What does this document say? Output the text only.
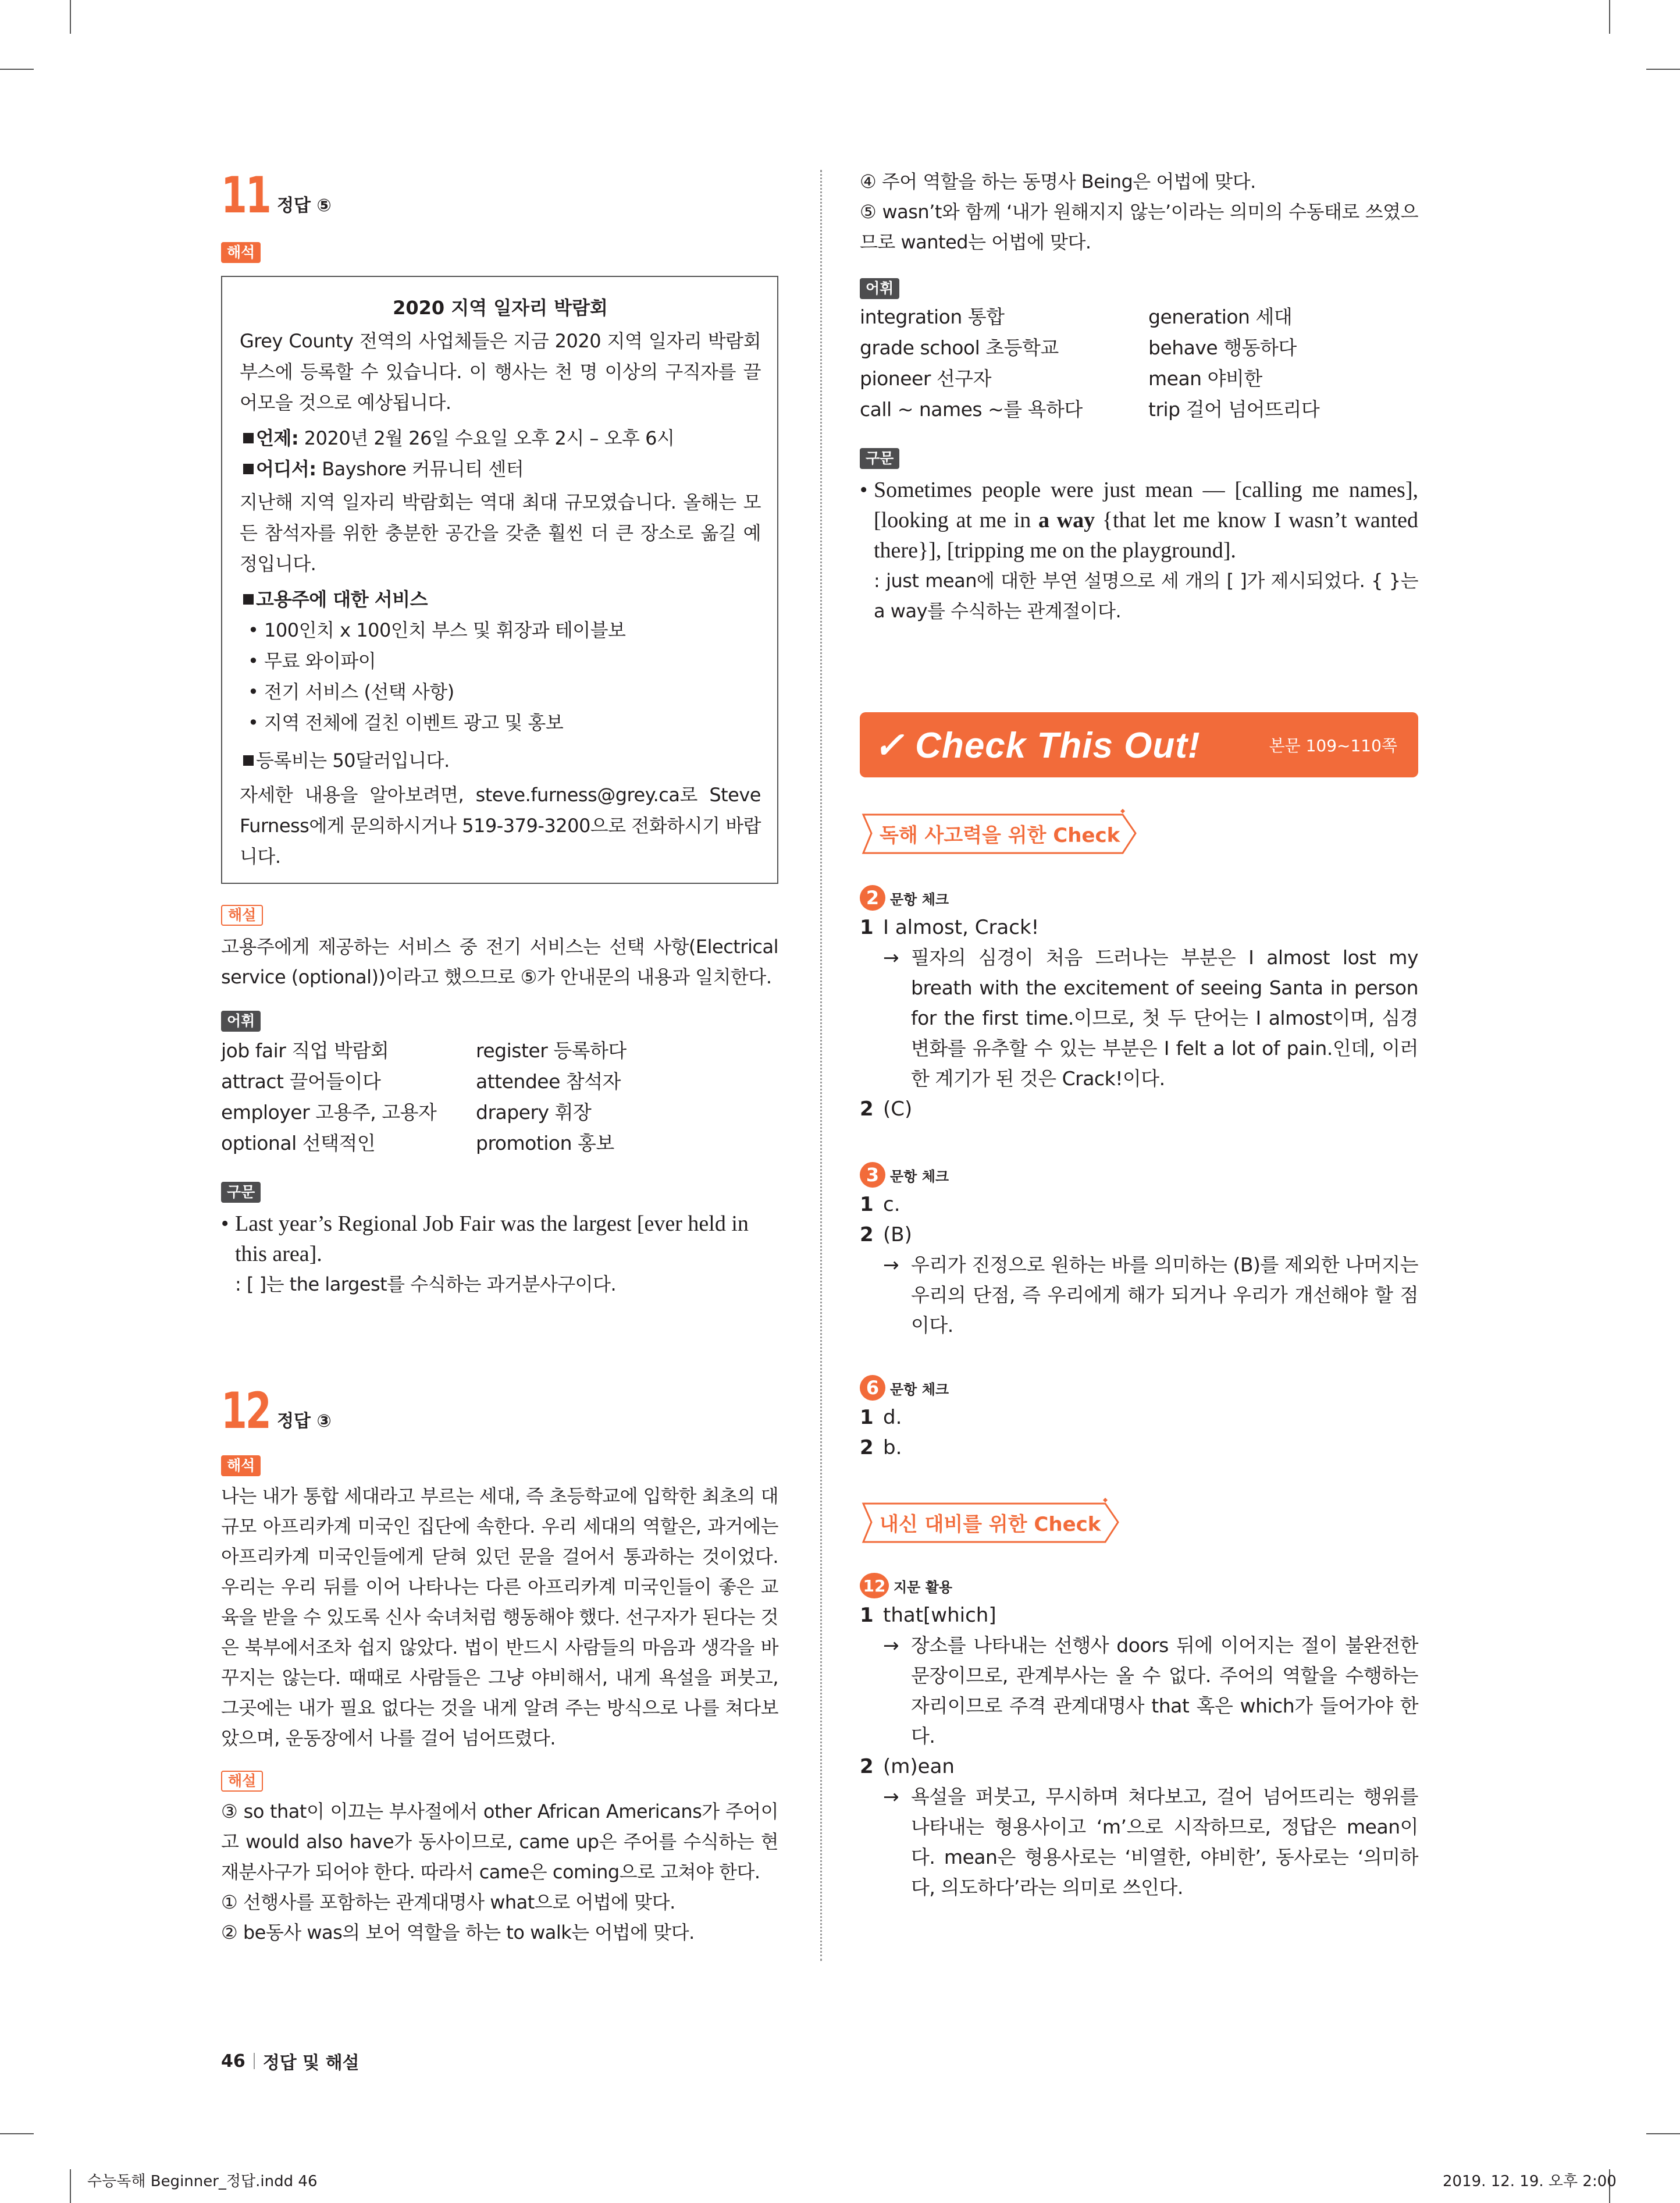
11 정답 ⑤
해석
2020 지역 일자리 박람회
Grey County 전역의 사업체들은 지금 2020 지역 일자리 박람회 부스에 등록할 수 있습니다. 이 행사는 천 명 이상의 구직자를 끌어모을 것으로 예상됩니다.
언제: 2020년 2월 26일 수요일 오후 2시 – 오후 6시
어디서: Bayshore 커뮤니티 센터
지난해 지역 일자리 박람회는 역대 최대 규모였습니다. 올해는 모든 참석자를 위한 충분한 공간을 갖춘 훨씬 더 큰 장소로 옮길 예정입니다.
고용주에 대한 서비스
• 100인치 x 100인치 부스 및 휘장과 테이블보
• 무료 와이파이
• 전기 서비스 (선택 사항)
• 지역 전체에 걸친 이벤트 광고 및 홍보
등록비는 50달러입니다.
자세한 내용을 알아보려면, steve.furness@grey.ca로 Steve Furness에게 문의하시거나 519-379-3200으로 전화하시기 바랍니다.
해설
고용주에게 제공하는 서비스 중 전기 서비스는 선택 사항(Electrical service (optional))이라고 했으므로 ⑤가 안내문의 내용과 일치한다.
어휘
job fair 직업 박람회	register 등록하다
attract 끌어들이다	attendee 참석자
employer 고용주, 고용자	drapery 휘장
optional 선택적인	promotion 홍보
구문
• Last year’s Regional Job Fair was the largest [ever held in this area].
: [ ]는 the largest를 수식하는 과거분사구이다.
12 정답 ③
해석
나는 내가 통합 세대라고 부르는 세대, 즉 초등학교에 입학한 최초의 대규모 아프리카계 미국인 집단에 속한다. 우리 세대의 역할은, 과거에는 아프리카계 미국인들에게 닫혀 있던 문을 걸어서 통과하는 것이었다. 우리는 우리 뒤를 이어 나타나는 다른 아프리카계 미국인들이 좋은 교육을 받을 수 있도록 신사 숙녀처럼 행동해야 했다. 선구자가 된다는 것은 북부에서조차 쉽지 않았다. 법이 반드시 사람들의 마음과 생각을 바꾸지는 않는다. 때때로 사람들은 그냥 야비해서, 내게 욕설을 퍼붓고, 그곳에는 내가 필요 없다는 것을 내게 알려 주는 방식으로 나를 쳐다보았으며, 운동장에서 나를 걸어 넘어뜨렸다.
해설
③ so that이 이끄는 부사절에서 other African Americans가 주어이고 would also have가 동사이므로, came up은 주어를 수식하는 현재분사구가 되어야 한다. 따라서 came은 coming으로 고쳐야 한다.
① 선행사를 포함하는 관계대명사 what으로 어법에 맞다.
② be동사 was의 보어 역할을 하는 to walk는 어법에 맞다.
④ 주어 역할을 하는 동명사 Being은 어법에 맞다.
⑤ wasn’t와 함께 ‘내가 원해지지 않는’이라는 의미의 수동태로 쓰였으므로 wanted는 어법에 맞다.
어휘
integration 통합	generation 세대
grade school 초등학교	behave 행동하다
pioneer 선구자	mean 야비한
call ~ names ~를 욕하다	trip 걸어 넘어뜨리다
구문
• Sometimes people were just mean — [calling me names], [looking at me in a way {that let me know I wasn’t wanted there}], [tripping me on the playground].
: just mean에 대한 부연 설명으로 세 개의 [ ]가 제시되었다. { }는 a way를 수식하는 관계절이다.
✓ Check This Out!	본문 109~110쪽
독해 사고력을 위한 Check
2 문항 체크
1 I almost, Crack!
→ 필자의 심경이 처음 드러나는 부분은 I almost lost my breath with the excitement of seeing Santa in person for the first time.이므로, 첫 두 단어는 I almost이며, 심경 변화를 유추할 수 있는 부분은 I felt a lot of pain.인데, 이러한 계기가 된 것은 Crack!이다.
2 (C)
3 문항 체크
1 c.
2 (B)
→ 우리가 진정으로 원하는 바를 의미하는 (B)를 제외한 나머지는 우리의 단점, 즉 우리에게 해가 되거나 우리가 개선해야 할 점이다.
6 문항 체크
1 d.
2 b.
내신 대비를 위한 Check
12 지문 활용
1 that[which]
→ 장소를 나타내는 선행사 doors 뒤에 이어지는 절이 불완전한 문장이므로, 관계부사는 올 수 없다. 주어의 역할을 수행하는 자리이므로 주격 관계대명사 that 혹은 which가 들어가야 한다.
2 (m)ean
→ 욕설을 퍼붓고, 무시하며 쳐다보고, 걸어 넘어뜨리는 행위를 나타내는 형용사이고 ‘m’으로 시작하므로, 정답은 mean이다. mean은 형용사로는 ‘비열한, 야비한’, 동사로는 ‘의미하다, 의도하다’라는 의미로 쓰인다.
46 정답 및 해설
수능독해 Beginner_정답.indd 46	2019. 12. 19. 오후 2:00
